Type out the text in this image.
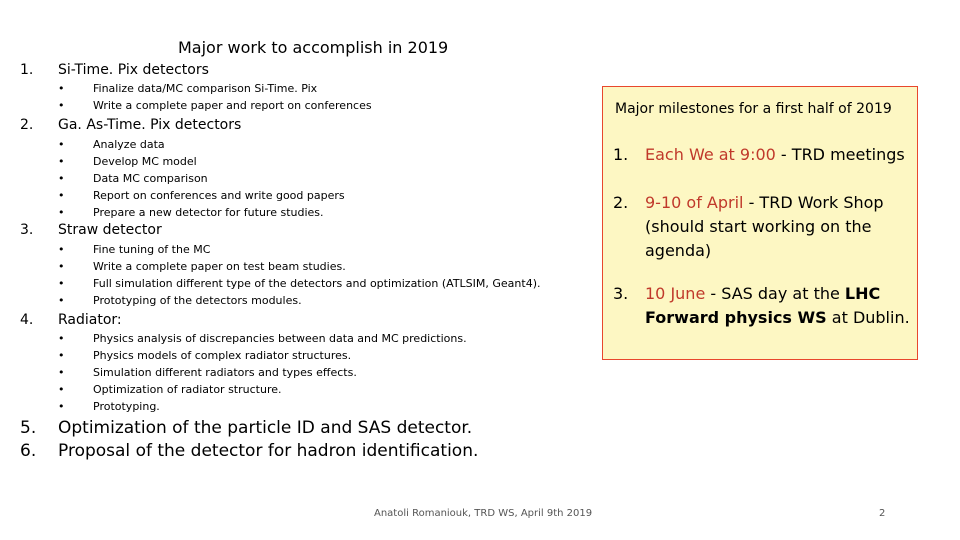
Major work to accomplish in 2019
1. Si-Time. Pix detectors
•	Finalize data/MC comparison Si-Time. Pix
•	Write a complete paper and report on conferences
2. Ga. As-Time. Pix detectors
•	Analyze data
•	Develop MC model
•	Data MC comparison
•	Report on conferences and write good papers
•	Prepare a new detector for future studies.
3. Straw detector
•	Fine tuning of the MC
•	Write a complete paper on test beam studies.
•	Full simulation different type of the detectors and optimization (ATLSIM, Geant4).
•	Prototyping of the detectors modules.
4. Radiator:
•	Physics analysis of discrepancies between data and MC predictions.
•	Physics models of complex radiator structures.
•	Simulation different radiators and types effects.
•	Optimization of radiator structure.
•	Prototyping.
5. Optimization of the particle ID and SAS detector.
6. Proposal of the detector for hadron identification.
Major milestones for a first half of 2019
1.	Each We at 9:00 - TRD meetings
2.	9-10 of April - TRD Work Shop (should start working on the agenda)
3.	10 June - SAS day at the LHC Forward physics WS at Dublin.
Anatoli Romaniouk, TRD WS, April 9th 2019	2
